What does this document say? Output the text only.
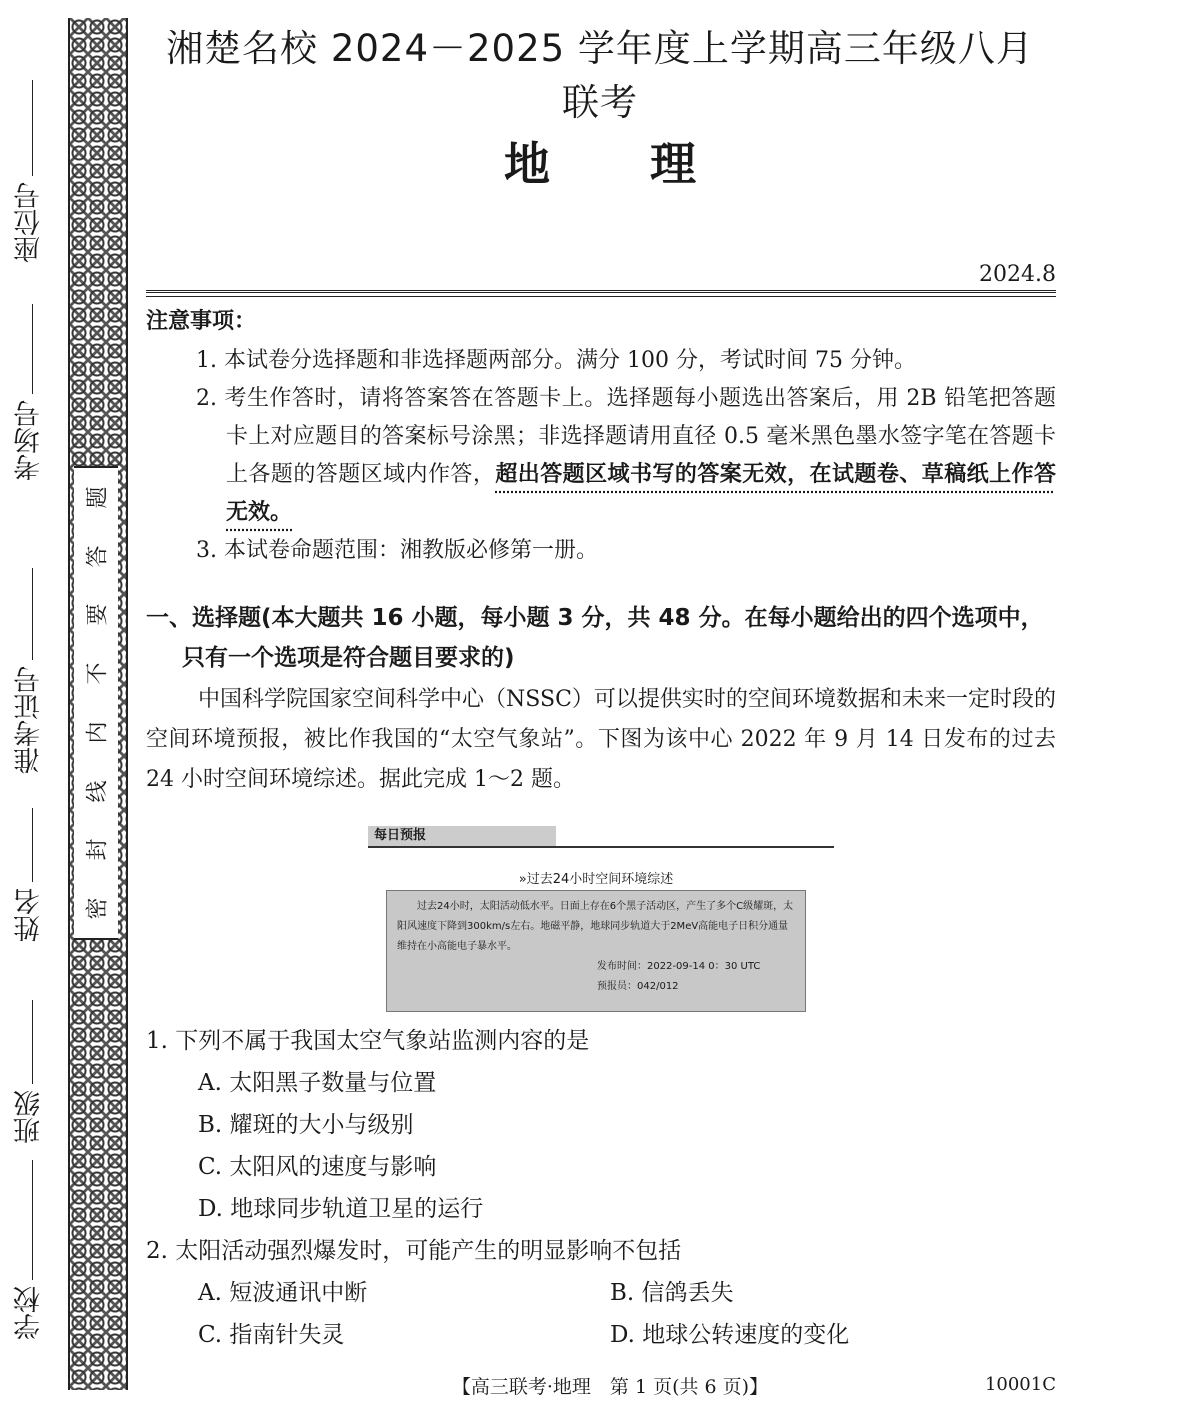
座位号
考场号
准考证号
姓名
班级
学校
题
答
要
不
内
线
封
密
湘楚名校 2024－2025 学年度上学期高三年级八月联考
地理
2024.8

注意事项：

1. 本试卷分选择题和非选择题两部分。满分 100 分，考试时间 75 分钟。

2. 考生作答时，请将答案答在答题卡上。选择题每小题选出答案后，用 2B 铅笔把答题卡上对应题目的答案标号涂黑；非选择题请用直径 0.5 毫米黑色墨水签字笔在答题卡上各题的答题区域内作答，超出答题区域书写的答案无效，在试题卷、草稿纸上作答无效。

3. 本试卷命题范围：湘教版必修第一册。

一、选择题(本大题共 16 小题，每小题 3 分，共 48 分。在每小题给出的四个选项中，只有一个选项是符合题目要求的)

中国科学院国家空间科学中心（NSSC）可以提供实时的空间环境数据和未来一定时段的空间环境预报，被比作我国的“太空气象站”。下图为该中心 2022 年 9 月 14 日发布的过去 24 小时空间环境综述。据此完成 1～2 题。

每日预报
»过去24小时空间环境综述

过去24小时，太阳活动低水平。日面上存在6个黑子活动区，产生了多个C级耀斑，太阳风速度下降到300km/s左右。地磁平静，地球同步轨道大于2MeV高能电子日积分通量维持在小高能电子暴水平。

发布时间：2022-09-14 0：30 UTC

预报员：042/012

1. 下列不属于我国太空气象站监测内容的是

A. 太阳黑子数量与位置

B. 耀斑的大小与级别

C. 太阳风的速度与影响

D. 地球同步轨道卫星的运行

2. 太阳活动强烈爆发时，可能产生的明显影响不包括

A. 短波通讯中断	B. 信鸽丢失

C. 指南针失灵	D. 地球公转速度的变化

【高三联考·地理　第 1 页(共 6 页)】	10001C
